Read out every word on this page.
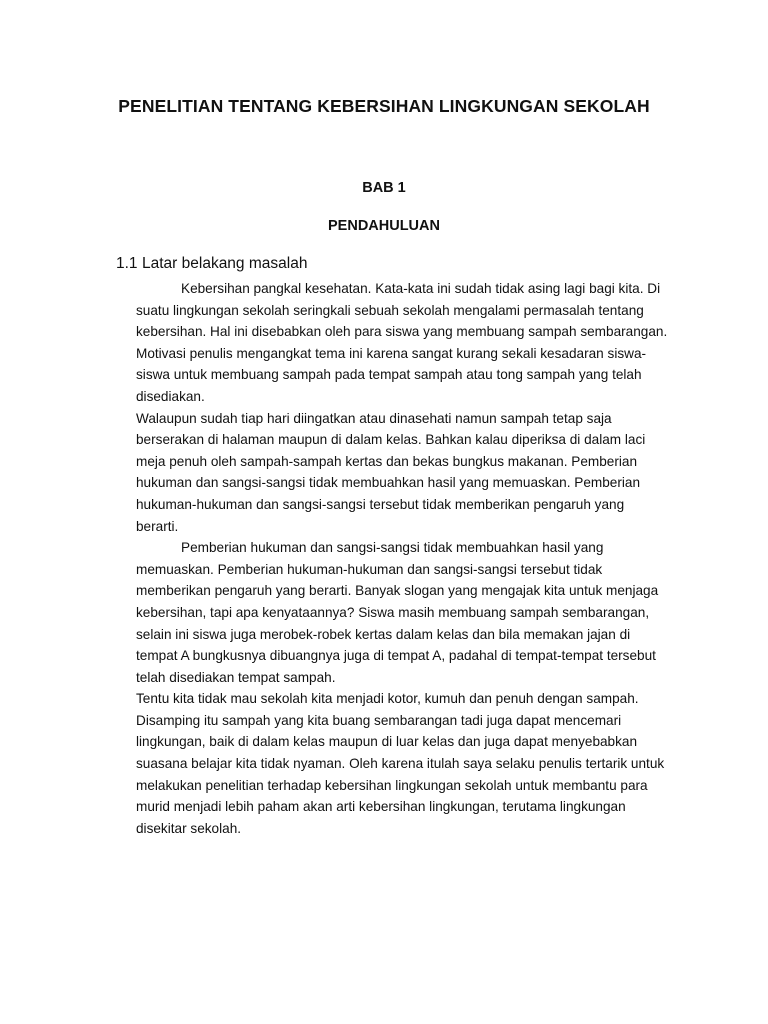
PENELITIAN TENTANG KEBERSIHAN LINGKUNGAN SEKOLAH
BAB 1
PENDAHULUAN
1.1 Latar belakang masalah
Kebersihan pangkal kesehatan. Kata-kata ini sudah tidak asing lagi bagi kita. Di
suatu lingkungan sekolah seringkali sebuah sekolah mengalami permasalah tentang
kebersihan. Hal ini disebabkan oleh para siswa yang membuang sampah sembarangan.
Motivasi penulis mengangkat tema ini karena sangat kurang sekali kesadaran siswa-
siswa untuk membuang sampah pada tempat sampah atau tong sampah yang telah
disediakan.
Walaupun sudah tiap hari diingatkan atau dinasehati namun sampah tetap saja
berserakan di halaman maupun di dalam kelas. Bahkan kalau diperiksa di dalam laci
meja penuh oleh sampah-sampah kertas dan bekas bungkus makanan. Pemberian
hukuman dan sangsi-sangsi tidak membuahkan hasil yang memuaskan. Pemberian
hukuman-hukuman dan sangsi-sangsi tersebut tidak memberikan pengaruh yang
berarti.
Pemberian hukuman dan sangsi-sangsi tidak membuahkan hasil yang
memuaskan. Pemberian hukuman-hukuman dan sangsi-sangsi tersebut tidak
memberikan pengaruh yang berarti. Banyak slogan yang mengajak kita untuk menjaga
kebersihan, tapi apa kenyataannya? Siswa masih membuang sampah sembarangan,
selain ini siswa juga merobek-robek kertas dalam kelas dan bila memakan jajan di
tempat A bungkusnya dibuangnya juga di tempat A, padahal di tempat-tempat tersebut
telah disediakan tempat sampah.
Tentu kita tidak mau sekolah kita menjadi kotor, kumuh dan penuh dengan sampah.
Disamping itu sampah yang kita buang sembarangan tadi juga dapat mencemari
lingkungan, baik di dalam kelas maupun di luar kelas dan juga dapat menyebabkan
suasana belajar kita tidak nyaman. Oleh karena itulah saya selaku penulis tertarik untuk
melakukan penelitian terhadap kebersihan lingkungan sekolah untuk membantu para
murid menjadi lebih paham akan arti kebersihan lingkungan, terutama lingkungan
disekitar sekolah.
